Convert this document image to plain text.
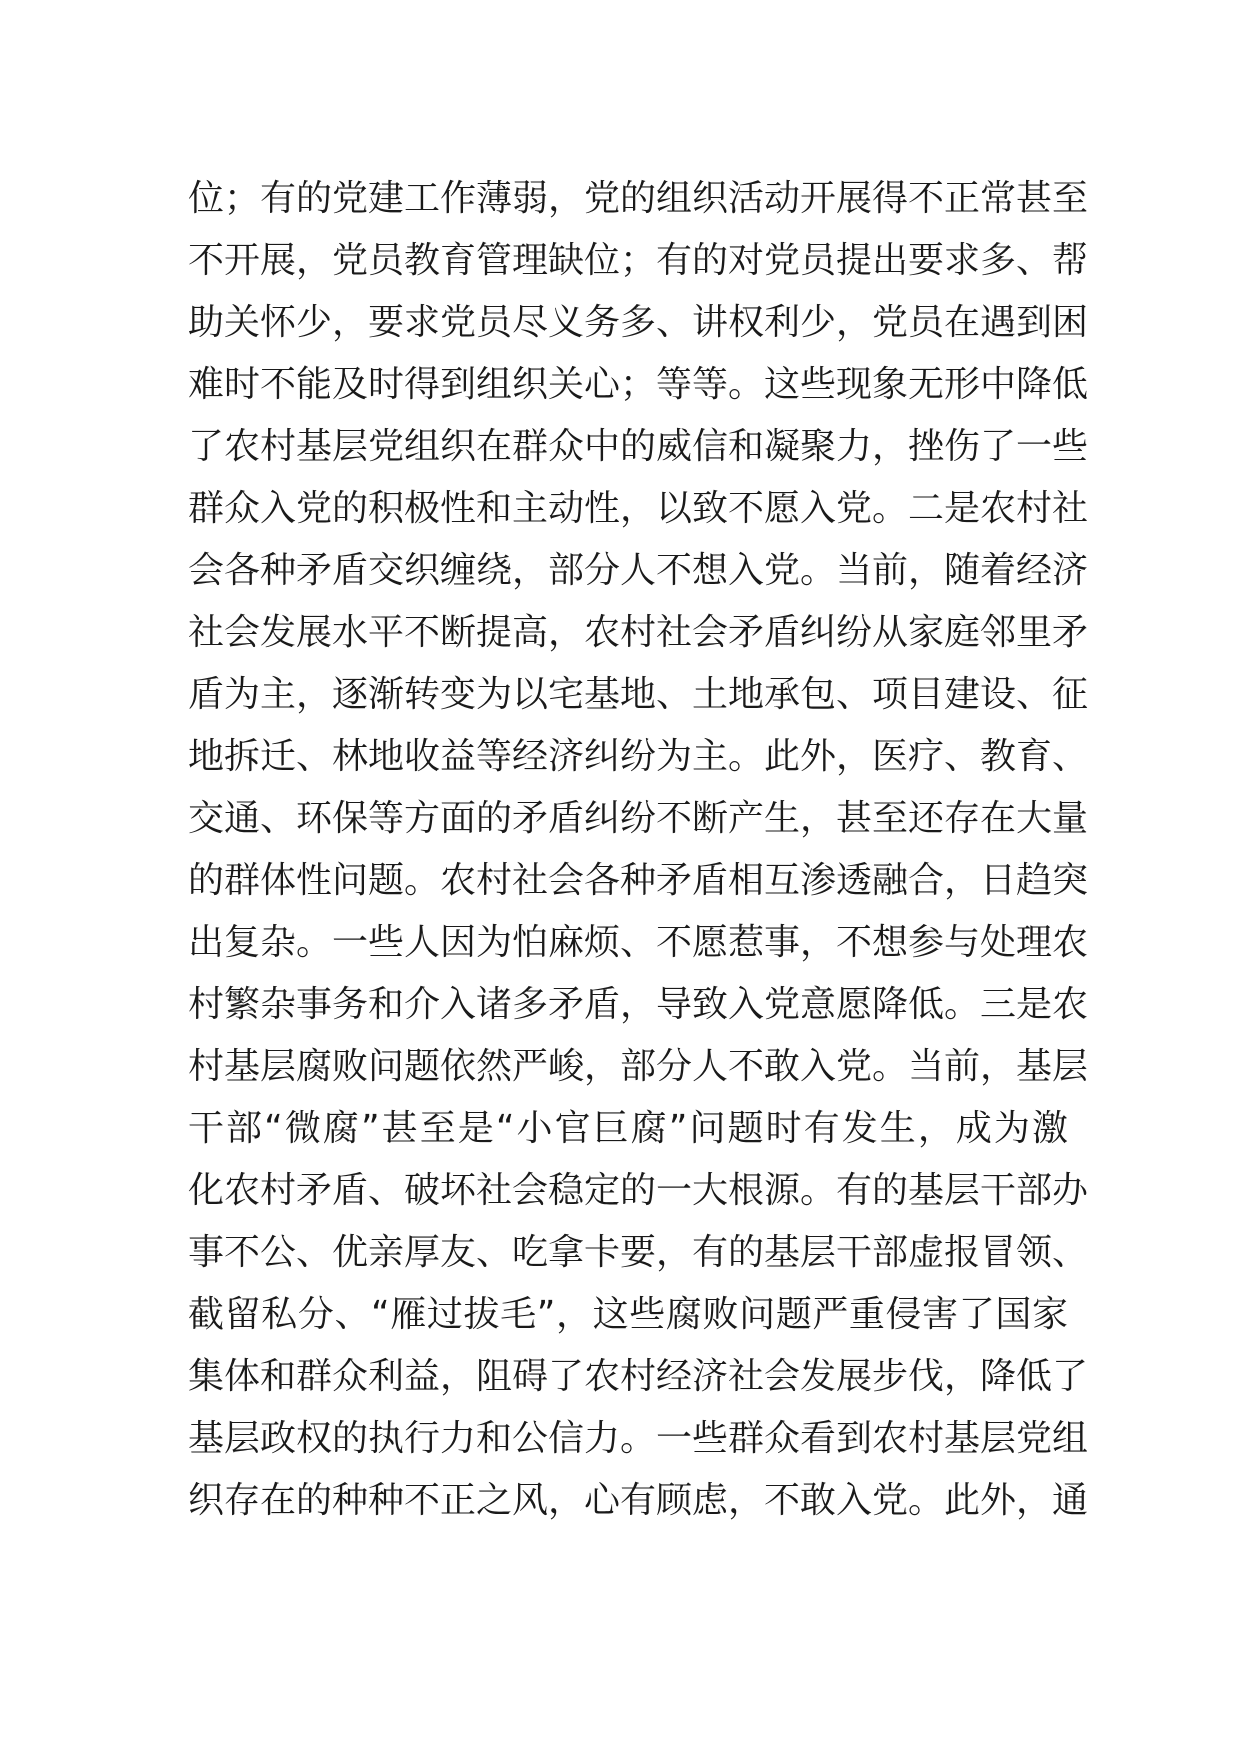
位；有的党建工作薄弱，党的组织活动开展得不正常甚至
不开展，党员教育管理缺位；有的对党员提出要求多、帮
助关怀少，要求党员尽义务多、讲权利少，党员在遇到困
难时不能及时得到组织关心；等等。这些现象无形中降低
了农村基层党组织在群众中的威信和凝聚力，挫伤了一些
群众入党的积极性和主动性，以致不愿入党。二是农村社
会各种矛盾交织缠绕，部分人不想入党。当前，随着经济
社会发展水平不断提高，农村社会矛盾纠纷从家庭邻里矛
盾为主，逐渐转变为以宅基地、土地承包、项目建设、征
地拆迁、林地收益等经济纠纷为主。此外，医疗、教育、
交通、环保等方面的矛盾纠纷不断产生，甚至还存在大量
的群体性问题。农村社会各种矛盾相互渗透融合，日趋突
出复杂。一些人因为怕麻烦、不愿惹事，不想参与处理农
村繁杂事务和介入诸多矛盾，导致入党意愿降低。三是农
村基层腐败问题依然严峻，部分人不敢入党。当前，基层
干部“微腐”甚至是“小官巨腐”问题时有发生，成为激
化农村矛盾、破坏社会稳定的一大根源。有的基层干部办
事不公、优亲厚友、吃拿卡要，有的基层干部虚报冒领、
截留私分、“雁过拔毛”，这些腐败问题严重侵害了国家
集体和群众利益，阻碍了农村经济社会发展步伐，降低了
基层政权的执行力和公信力。一些群众看到农村基层党组
织存在的种种不正之风，心有顾虑，不敢入党。此外，通
